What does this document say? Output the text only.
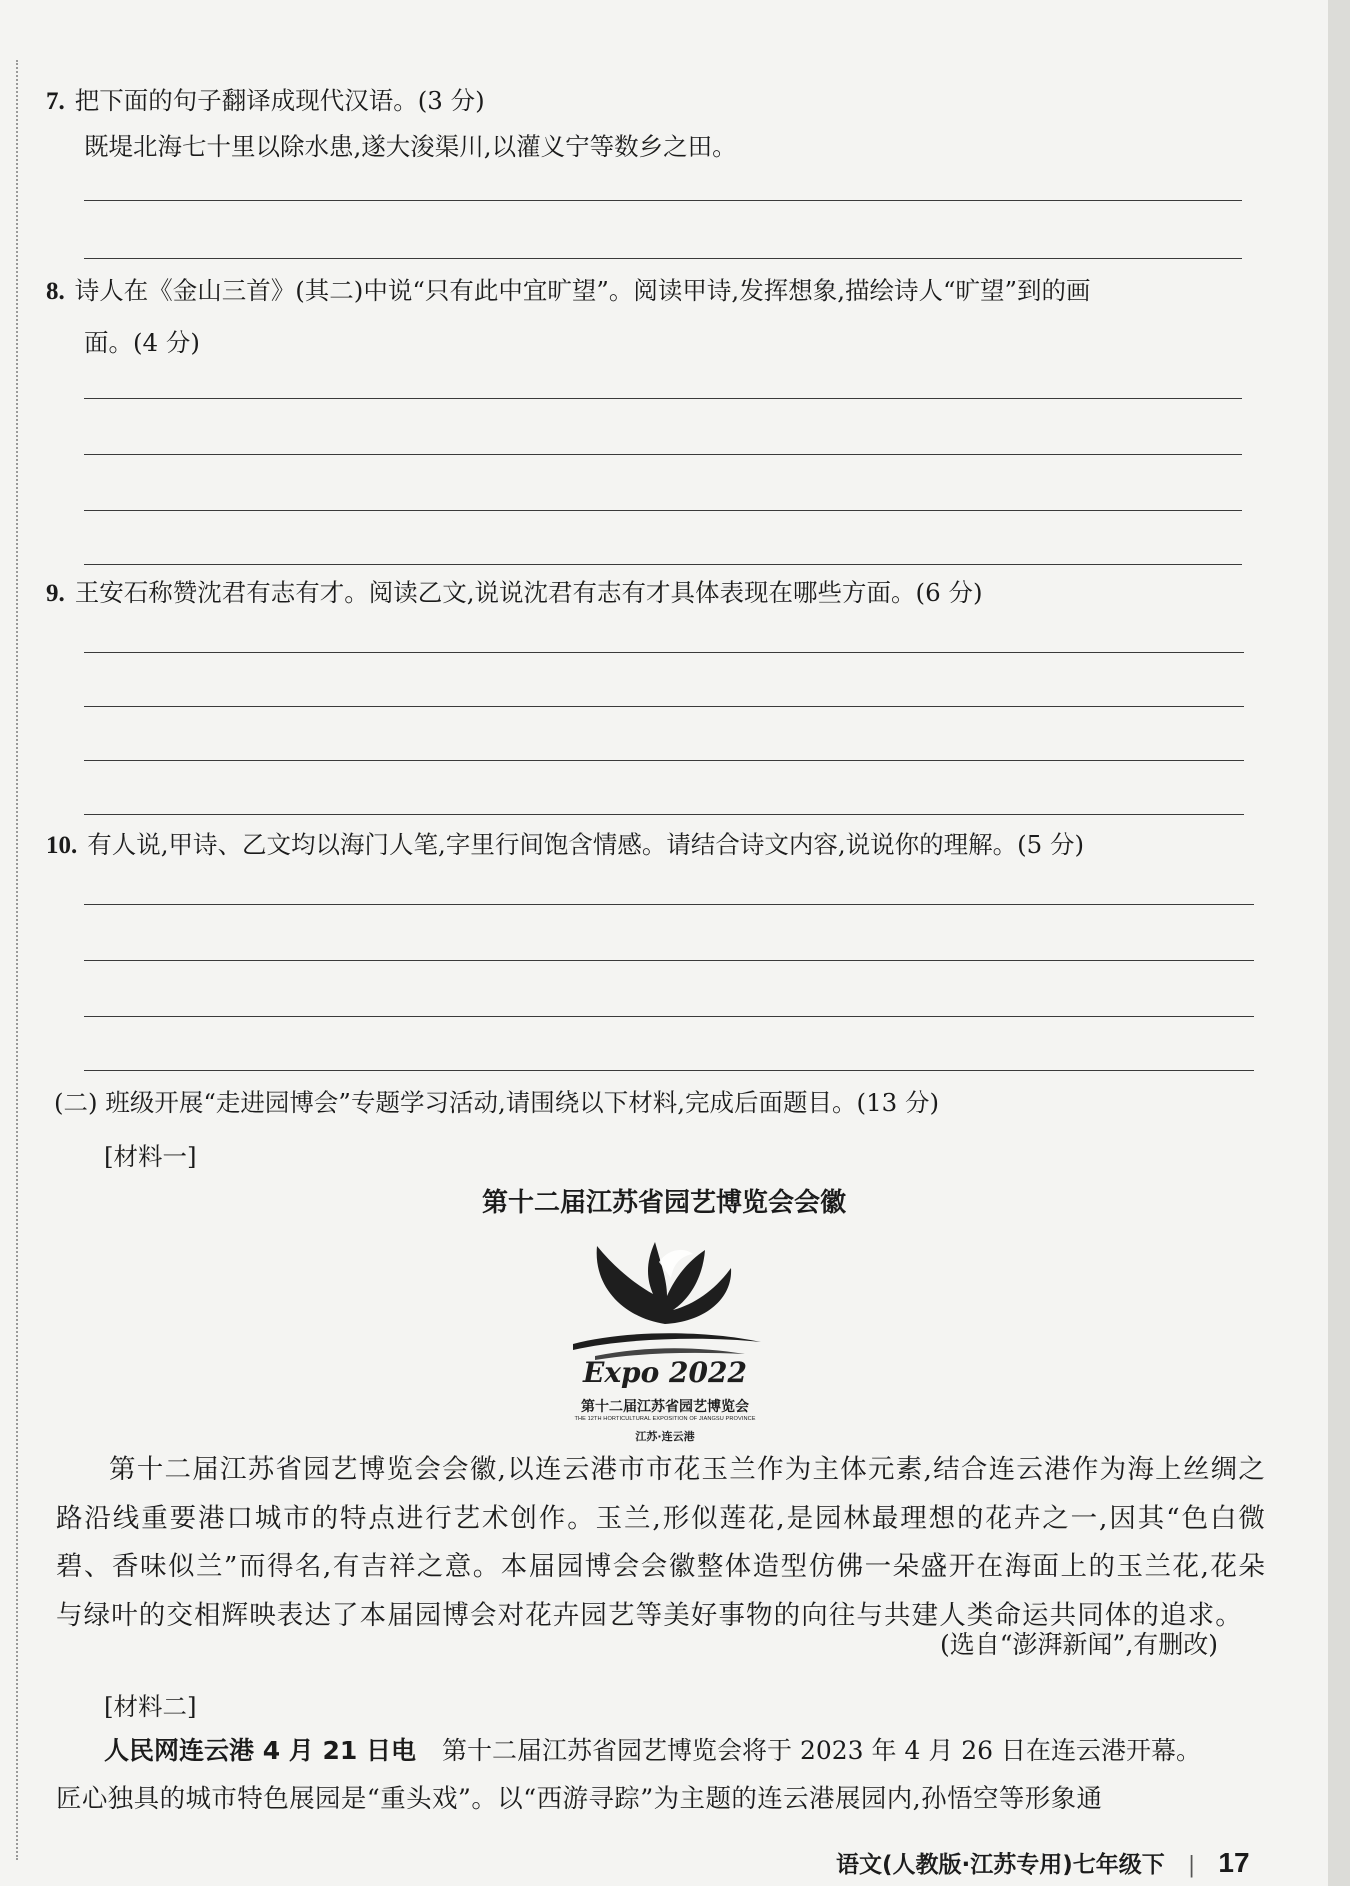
7. 把下面的句子翻译成现代汉语。(3 分)
既堤北海七十里以除水患,遂大浚渠川,以灌义宁等数乡之田。
8. 诗人在《金山三首》(其二)中说“只有此中宜旷望”。阅读甲诗,发挥想象,描绘诗人“旷望”到的画
面。(4 分)
9. 王安石称赞沈君有志有才。阅读乙文,说说沈君有志有才具体表现在哪些方面。(6 分)
10. 有人说,甲诗、乙文均以海门人笔,字里行间饱含情感。请结合诗文内容,说说你的理解。(5 分)
(二) 班级开展“走进园博会”专题学习活动,请围绕以下材料,完成后面题目。(13 分)
[材料一]
第十二届江苏省园艺博览会会徽
Expo 2022
第十二届江苏省园艺博览会
THE 12TH HORTICULTURAL EXPOSITION OF JIANGSU PROVINCE
江苏·连云港
第十二届江苏省园艺博览会会徽,以连云港市市花玉兰作为主体元素,结合连云港作为海上丝绸之路沿线重要港口城市的特点进行艺术创作。玉兰,形似莲花,是园林最理想的花卉之一,因其“色白微碧、香味似兰”而得名,有吉祥之意。本届园博会会徽整体造型仿佛一朵盛开在海面上的玉兰花,花朵与绿叶的交相辉映表达了本届园博会对花卉园艺等美好事物的向往与共建人类命运共同体的追求。
(选自“澎湃新闻”,有删改)
[材料二]
人民网连云港 4 月 21 日电 第十二届江苏省园艺博览会将于 2023 年 4 月 26 日在连云港开幕。
匠心独具的城市特色展园是“重头戏”。以“西游寻踪”为主题的连云港展园内,孙悟空等形象通
语文(人教版·江苏专用)七年级下 | 17
